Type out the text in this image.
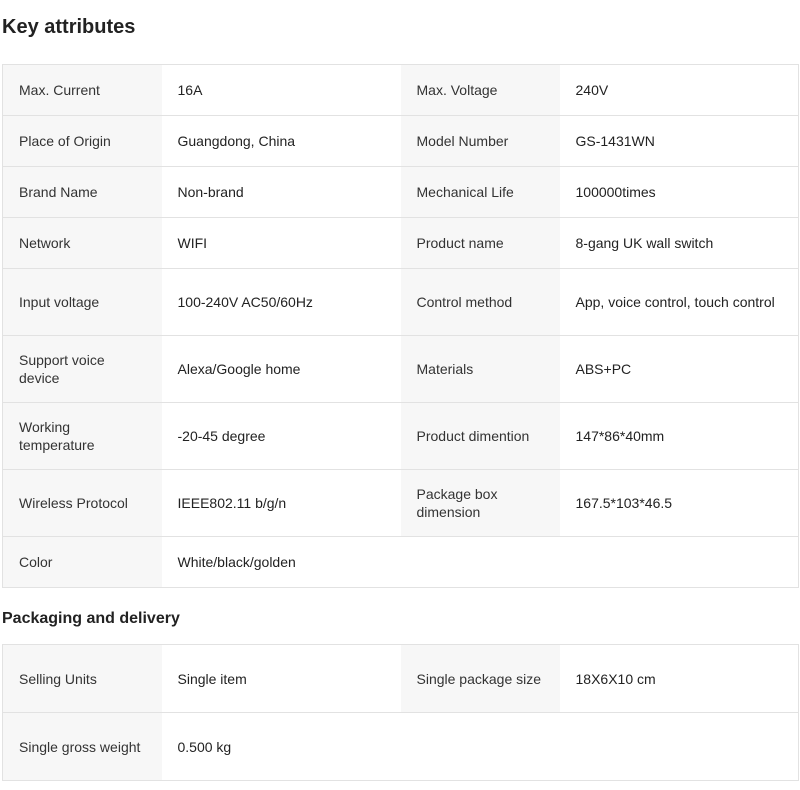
Key attributes
Max. Current	16A	Max. Voltage	240V
Place of Origin	Guangdong, China	Model Number	GS-1431WN
Brand Name	Non-brand	Mechanical Life	100000times
Network	WIFI	Product name	8-gang UK wall switch
Input voltage	100-240V AC50/60Hz	Control method	App, voice control, touch control
Support voice device	Alexa/Google home	Materials	ABS+PC
Working temperature	-20-45 degree	Product dimention	147*86*40mm
Wireless Protocol	IEEE802.11 b/g/n	Package box dimension	167.5*103*46.5
Color	White/black/golden		
Packaging and delivery
Selling Units	Single item	Single package size	18X6X10 cm
Single gross weight	0.500 kg		
